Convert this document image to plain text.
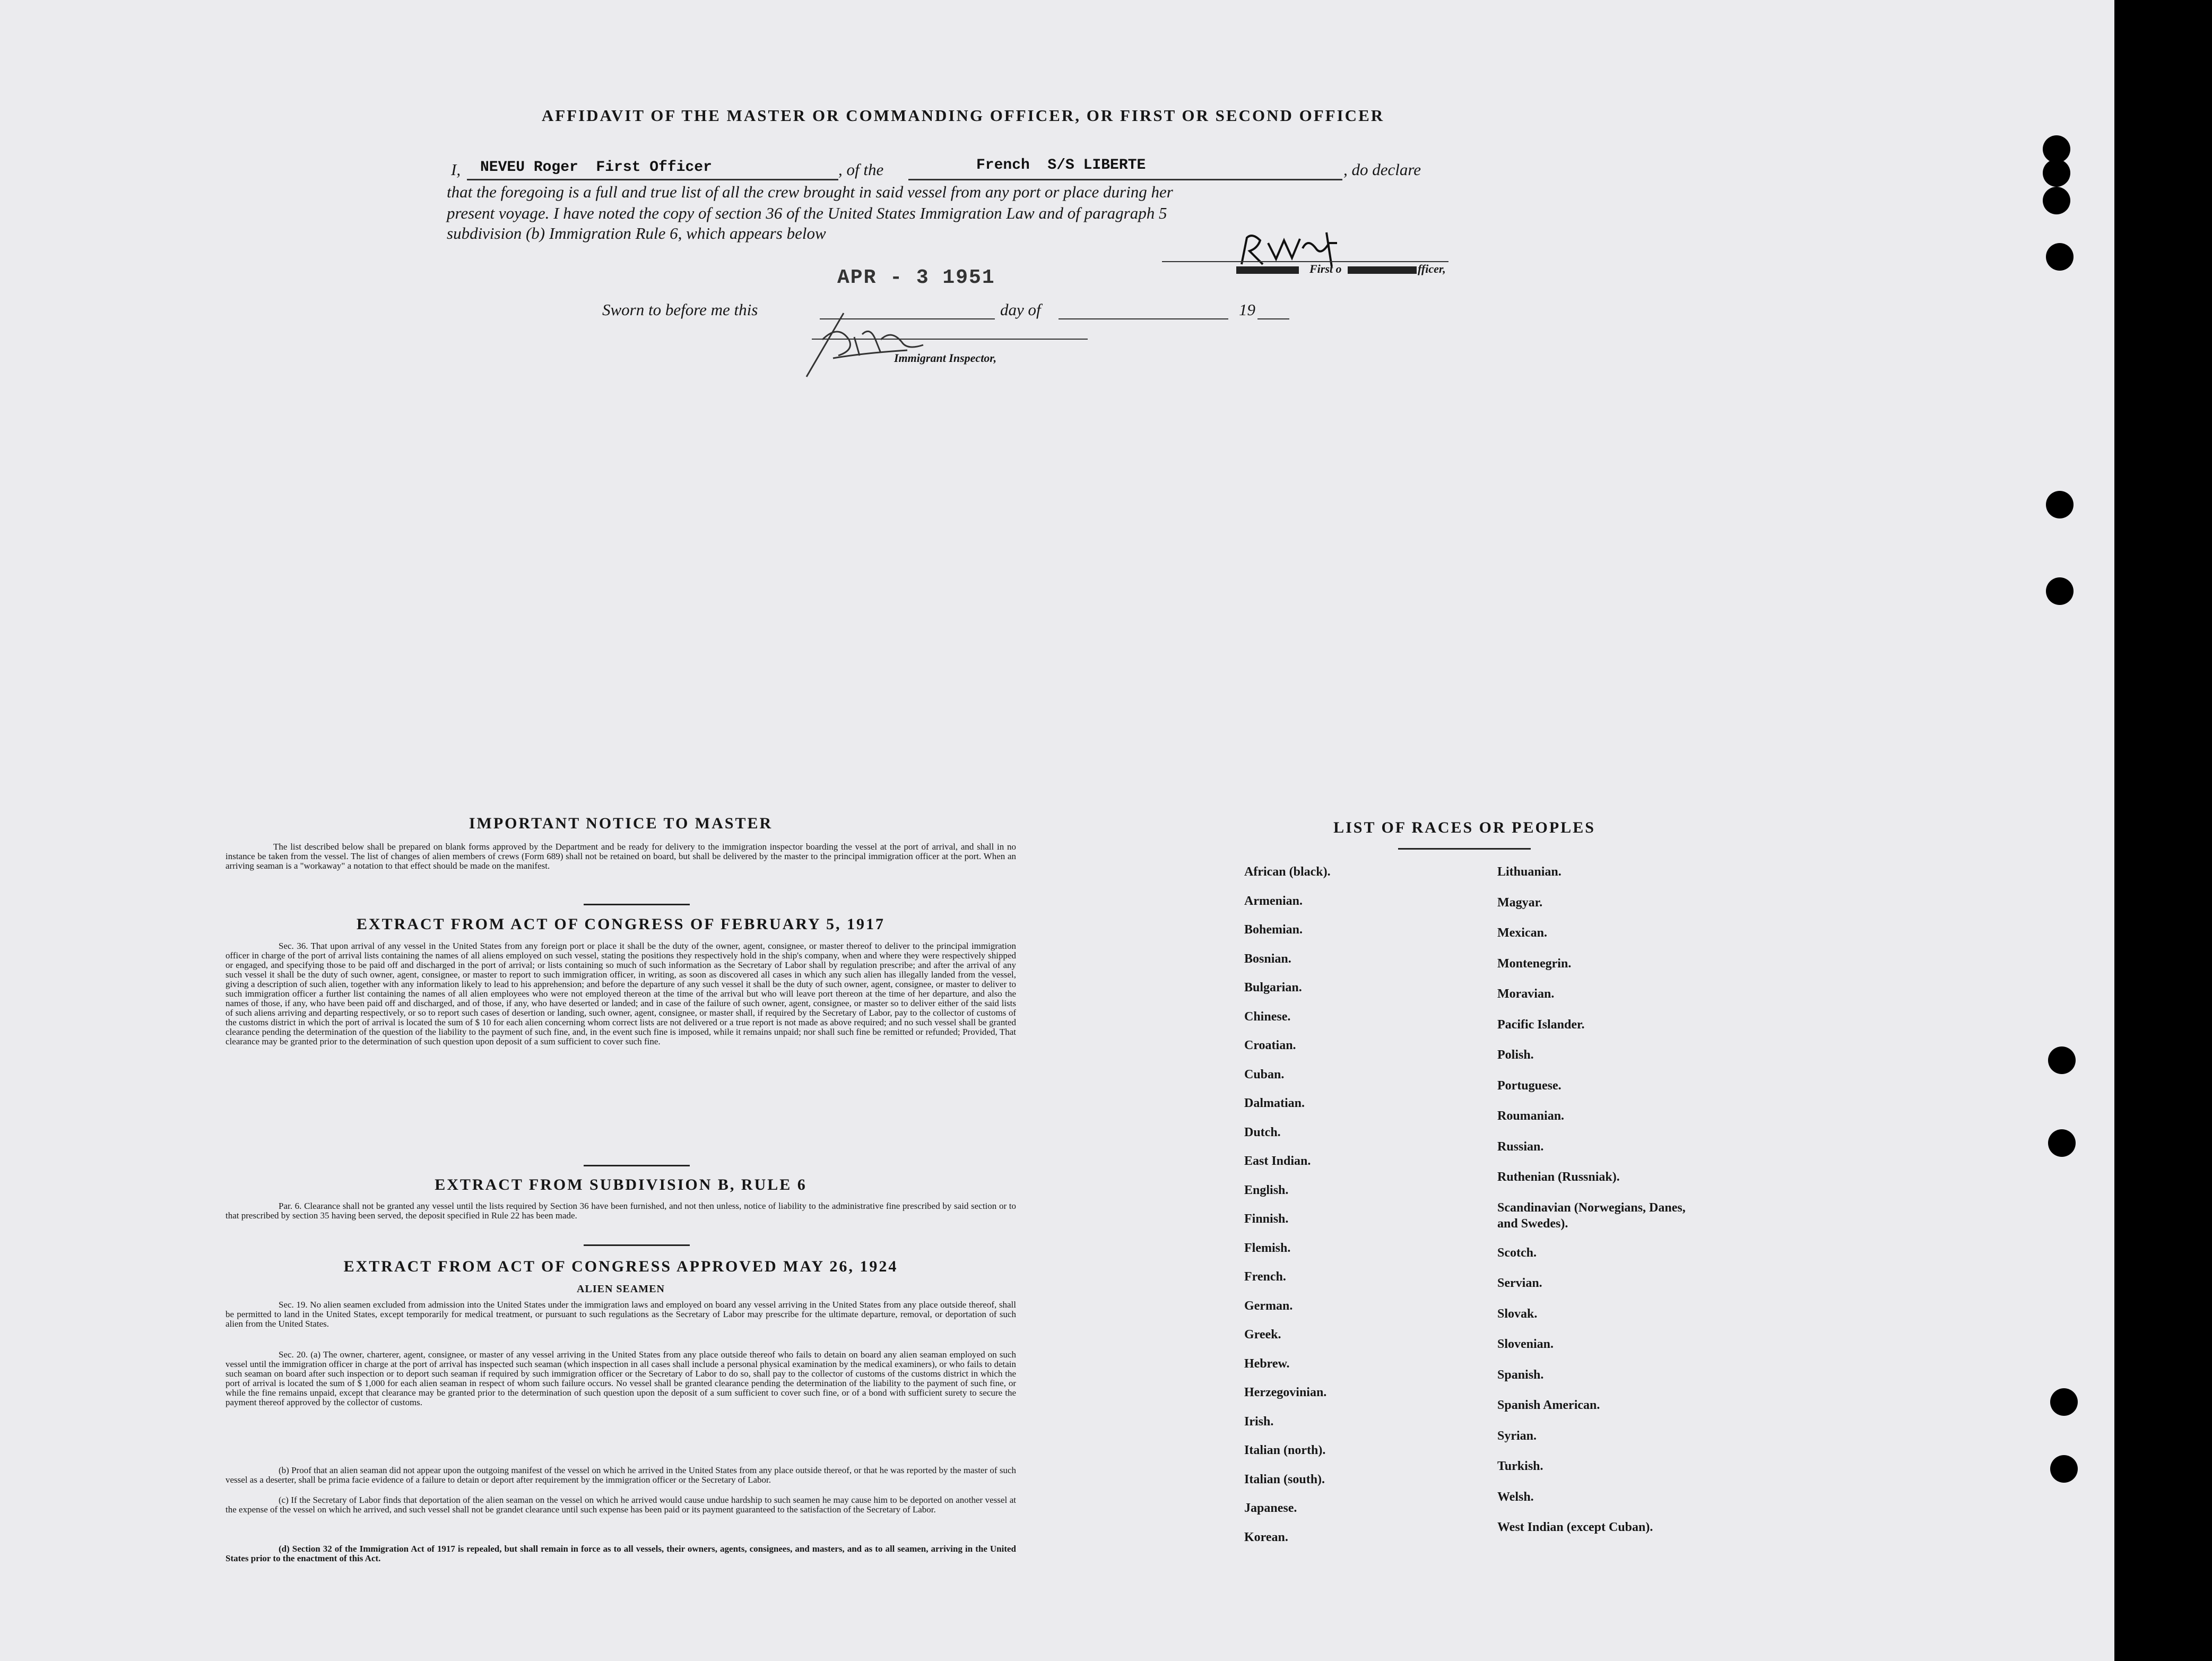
AFFIDAVIT OF THE MASTER OR COMMANDING OFFICER, OR FIRST OR SECOND OFFICER
I, NEVEU Roger  First Officer	, of the	French  S/S LIBERTE	, do declare
that the foregoing is a full and true list of all the crew brought in said vessel from any port or place during her
present voyage. I have noted the copy of section 36 of the United States Immigration Law and of paragraph 5
subdivision (b) Immigration Rule 6, which appears below
First o	fficer,
APR - 3 1951
Sworn to before me this	day of	19
Immigrant Inspector,
IMPORTANT NOTICE TO MASTER
The list described below shall be prepared on blank forms approved by the Department and be ready for delivery to the immigration inspector boarding the vessel at the port of arrival, and shall in no instance be taken from the vessel. The list of changes of alien members of crews (Form 689) shall not be retained on board, but shall be delivered by the master to the principal immigration officer at the port. When an arriving seaman is a "workaway" a notation to that effect should be made on the manifest.
EXTRACT FROM ACT OF CONGRESS OF FEBRUARY 5, 1917
Sec. 36. That upon arrival of any vessel in the United States from any foreign port or place it shall be the duty of the owner, agent, consignee, or master thereof to deliver to the principal immigration officer in charge of the port of arrival lists containing the names of all aliens employed on such vessel, stating the positions they respectively hold in the ship's company, when and where they were respectively shipped or engaged, and specifying those to be paid off and discharged in the port of arrival; or lists containing so much of such information as the Secretary of Labor shall by regulation prescribe; and after the arrival of any such vessel it shall be the duty of such owner, agent, consignee, or master to report to such immigration officer, in writing, as soon as discovered all cases in which any such alien has illegally landed from the vessel, giving a description of such alien, together with any information likely to lead to his apprehension; and before the departure of any such vessel it shall be the duty of such owner, agent, consignee, or master to deliver to such immigration officer a further list containing the names of all alien employees who were not employed thereon at the time of the arrival but who will leave port thereon at the time of her departure, and also the names of those, if any, who have been paid off and discharged, and of those, if any, who have deserted or landed; and in case of the failure of such owner, agent, consignee, or master so to deliver either of the said lists of such aliens arriving and departing respectively, or so to report such cases of desertion or landing, such owner, agent, consignee, or master shall, if required by the Secretary of Labor, pay to the collector of customs of the customs district in which the port of arrival is located the sum of $ 10 for each alien concerning whom correct lists are not delivered or a true report is not made as above required; and no such vessel shall be granted clearance pending the determination of the question of the liability to the payment of such fine, and, in the event such fine is imposed, while it remains unpaid; nor shall such fine be remitted or refunded; Provided, That clearance may be granted prior to the determination of such question upon deposit of a sum sufficient to cover such fine.
EXTRACT FROM SUBDIVISION B, RULE 6
Par. 6. Clearance shall not be granted any vessel until the lists required by Section 36 have been furnished, and not then unless, notice of liability to the administrative fine prescribed by said section or to that prescribed by section 35 having been served, the deposit specified in Rule 22 has been made.
EXTRACT FROM ACT OF CONGRESS APPROVED MAY 26, 1924
ALIEN SEAMEN
Sec. 19. No alien seamen excluded from admission into the United States under the immigration laws and employed on board any vessel arriving in the United States from any place outside thereof, shall be permitted to land in the United States, except temporarily for medical treatment, or pursuant to such regulations as the Secretary of Labor may prescribe for the ultimate departure, removal, or deportation of such alien from the United States.
Sec. 20. (a) The owner, charterer, agent, consignee, or master of any vessel arriving in the United States from any place outside thereof who fails to detain on board any alien seaman employed on such vessel until the immigration officer in charge at the port of arrival has inspected such seaman (which inspection in all cases shall include a personal physical examination by the medical examiners), or who fails to detain such seaman on board after such inspection or to deport such seaman if required by such immigration officer or the Secretary of Labor to do so, shall pay to the collector of customs of the customs district in which the port of arrival is located the sum of $ 1,000 for each alien seaman in respect of whom such failure occurs. No vessel shall be granted clearance pending the determination of the liability to the payment of such fine, or while the fine remains unpaid, except that clearance may be granted prior to the determination of such question upon the deposit of a sum sufficient to cover such fine, or of a bond with sufficient surety to secure the payment thereof approved by the collector of customs.
(b) Proof that an alien seaman did not appear upon the outgoing manifest of the vessel on which he arrived in the United States from any place outside thereof, or that he was reported by the master of such vessel as a deserter, shall be prima facie evidence of a failure to detain or deport after requirement by the immigration officer or the Secretary of Labor.
(c) If the Secretary of Labor finds that deportation of the alien seaman on the vessel on which he arrived would cause undue hardship to such seamen he may cause him to be deported on another vessel at the expense of the vessel on which he arrived, and such vessel shall not be grandet clearance until such expense has been paid or its payment guaranteed to the satisfaction of the Secretary of Labor.
(d) Section 32 of the Immigration Act of 1917 is repealed, but shall remain in force as to all vessels, their owners, agents, consignees, and masters, and as to all seamen, arriving in the United States prior to the enactment of this Act.
LIST OF RACES OR PEOPLES
African (black).
Armenian.
Bohemian.
Bosnian.
Bulgarian.
Chinese.
Croatian.
Cuban.
Dalmatian.
Dutch.
East Indian.
English.
Finnish.
Flemish.
French.
German.
Greek.
Hebrew.
Herzegovinian.
Irish.
Italian (north).
Italian (south).
Japanese.
Korean.
Lithuanian.
Magyar.
Mexican.
Montenegrin.
Moravian.
Pacific Islander.
Polish.
Portuguese.
Roumanian.
Russian.
Ruthenian (Russniak).
Scandinavian (Norwegians, Danes, and Swedes).
Scotch.
Servian.
Slovak.
Slovenian.
Spanish.
Spanish American.
Syrian.
Turkish.
Welsh.
West Indian (except Cuban).
